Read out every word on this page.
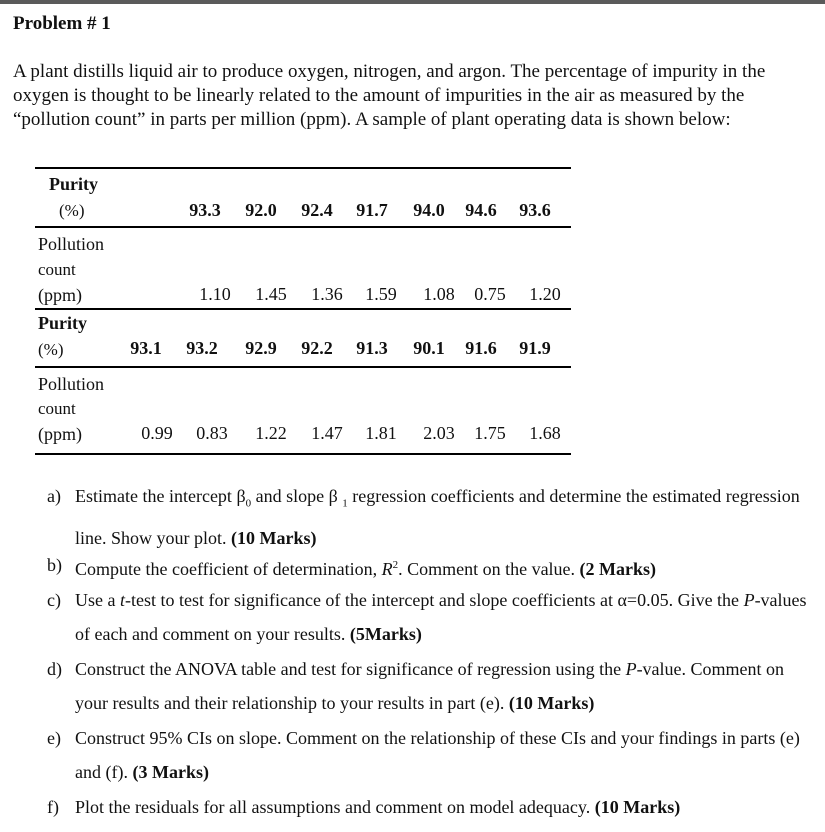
Problem # 1
A plant distills liquid air to produce oxygen, nitrogen, and argon. The percentage of impurity in the oxygen is thought to be linearly related to the amount of impurities in the air as measured by the “pollution count” in parts per million (ppm). A sample of plant operating data is shown below:
Purity
(%)	93.3 92.0 92.4 91.7 94.0 94.6 93.6
Pollution
count
(ppm)	1.10	1.45	1.36	1.59	1.08	0.75	1.20
Purity
(%)	93.1 93.2 92.9 92.2 91.3 90.1 91.6 91.9
Pollution
count
(ppm)	0.99	0.83	1.22	1.47	1.81	2.03	1.75	1.68
a) Estimate the intercept $\beta_0$ and slope β $_1$ regression coefficients and determine the estimated regression line. Show your plot. (10 Marks)
b) Compute the coefficient of determination, $R^2$. Comment on the value. (2 Marks)
c) Use a t-test to test for significance of the intercept and slope coefficients at α=0.05. Give the P-values of each and comment on your results. (5Marks)
d) Construct the ANOVA table and test for significance of regression using the P-value. Comment on your results and their relationship to your results in part (e). (10 Marks)
e) Construct 95% CIs on slope. Comment on the relationship of these CIs and your findings in parts (e) and (f). (3 Marks)
f) Plot the residuals for all assumptions and comment on model adequacy. (10 Marks)
